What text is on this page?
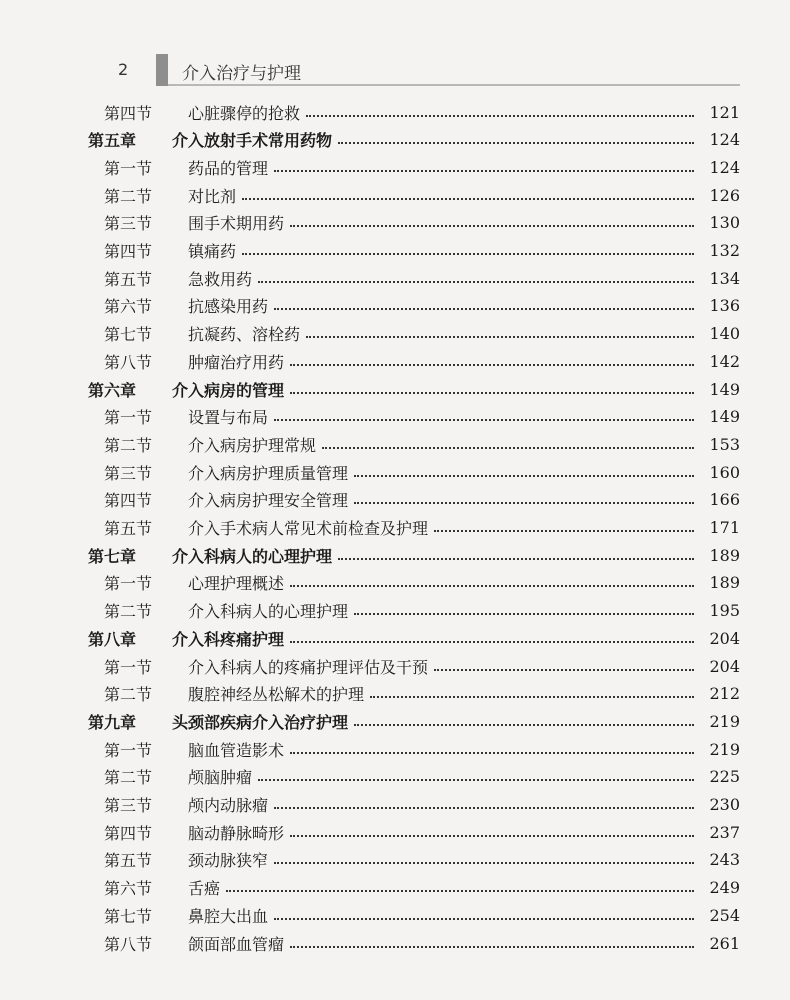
2	介入治疗与护理
第四节	心脏骤停的抢救	121
第五章	介入放射手术常用药物	124
第一节	药品的管理	124
第二节	对比剂	126
第三节	围手术期用药	130
第四节	镇痛药	132
第五节	急救用药	134
第六节	抗感染用药	136
第七节	抗凝药、溶栓药	140
第八节	肿瘤治疗用药	142
第六章	介入病房的管理	149
第一节	设置与布局	149
第二节	介入病房护理常规	153
第三节	介入病房护理质量管理	160
第四节	介入病房护理安全管理	166
第五节	介入手术病人常见术前检查及护理	171
第七章	介入科病人的心理护理	189
第一节	心理护理概述	189
第二节	介入科病人的心理护理	195
第八章	介入科疼痛护理	204
第一节	介入科病人的疼痛护理评估及干预	204
第二节	腹腔神经丛松解术的护理	212
第九章	头颈部疾病介入治疗护理	219
第一节	脑血管造影术	219
第二节	颅脑肿瘤	225
第三节	颅内动脉瘤	230
第四节	脑动静脉畸形	237
第五节	颈动脉狭窄	243
第六节	舌癌	249
第七节	鼻腔大出血	254
第八节	颌面部血管瘤	261
